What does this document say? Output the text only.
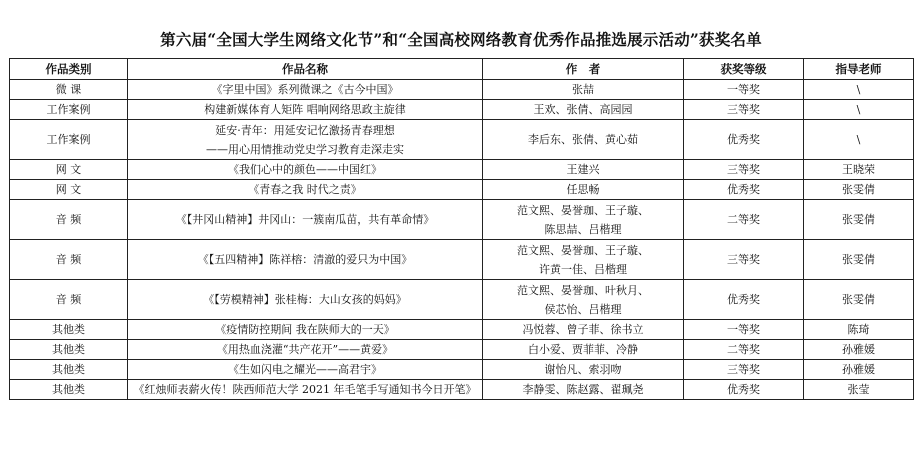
第六届“全国大学生网络文化节”和“全国高校网络教育优秀作品推选展示活动”获奖名单
作品类别	作品名称	作　者	获奖等级	指导老师
微 课	《字里中国》系列微课之《古今中国》	张喆	一等奖	\
工作案例	构建新媒体育人矩阵 唱响网络思政主旋律	王欢、张倩、高园园	三等奖	\
工作案例	延安·青年：用延安记忆激扬青春理想
——用心用情推动党史学习教育走深走实	李后东、张倩、黄心茹	优秀奖	\
网 文	《我们心中的颜色——中国红》	王建兴	三等奖	王晓荣
网 文	《青春之我 时代之责》	任思畅	优秀奖	张雯倩
音 频	《【井冈山精神】井冈山：一簇南瓜苗，共有革命情》	范文熙、晏誉珈、王子璇、
陈思喆、吕楷理	二等奖	张雯倩
音 频	《【五四精神】陈祥榕：清澈的爱只为中国》	范文熙、晏誉珈、王子璇、
许黄一佳、吕楷理	三等奖	张雯倩
音 频	《【劳模精神】张桂梅：大山女孩的妈妈》	范文熙、晏誉珈、叶秋月、
侯芯怡、吕楷理	优秀奖	张雯倩
其他类	《疫情防控期间 我在陕师大的一天》	冯悦蓉、曾子菲、徐书立	一等奖	陈琦
其他类	《用热血浇灌“共产花开”——黄爱》	白小爱、贾菲菲、冷静	二等奖	孙雅媛
其他类	《生如闪电之耀光——高君宇》	谢怡凡、索羽吻	三等奖	孙雅媛
其他类	《红烛师表薪火传！陕西师范大学 2021 年毛笔手写通知书今日开笔》	李静雯、陈赵露、翟珮尧	优秀奖	张莹
